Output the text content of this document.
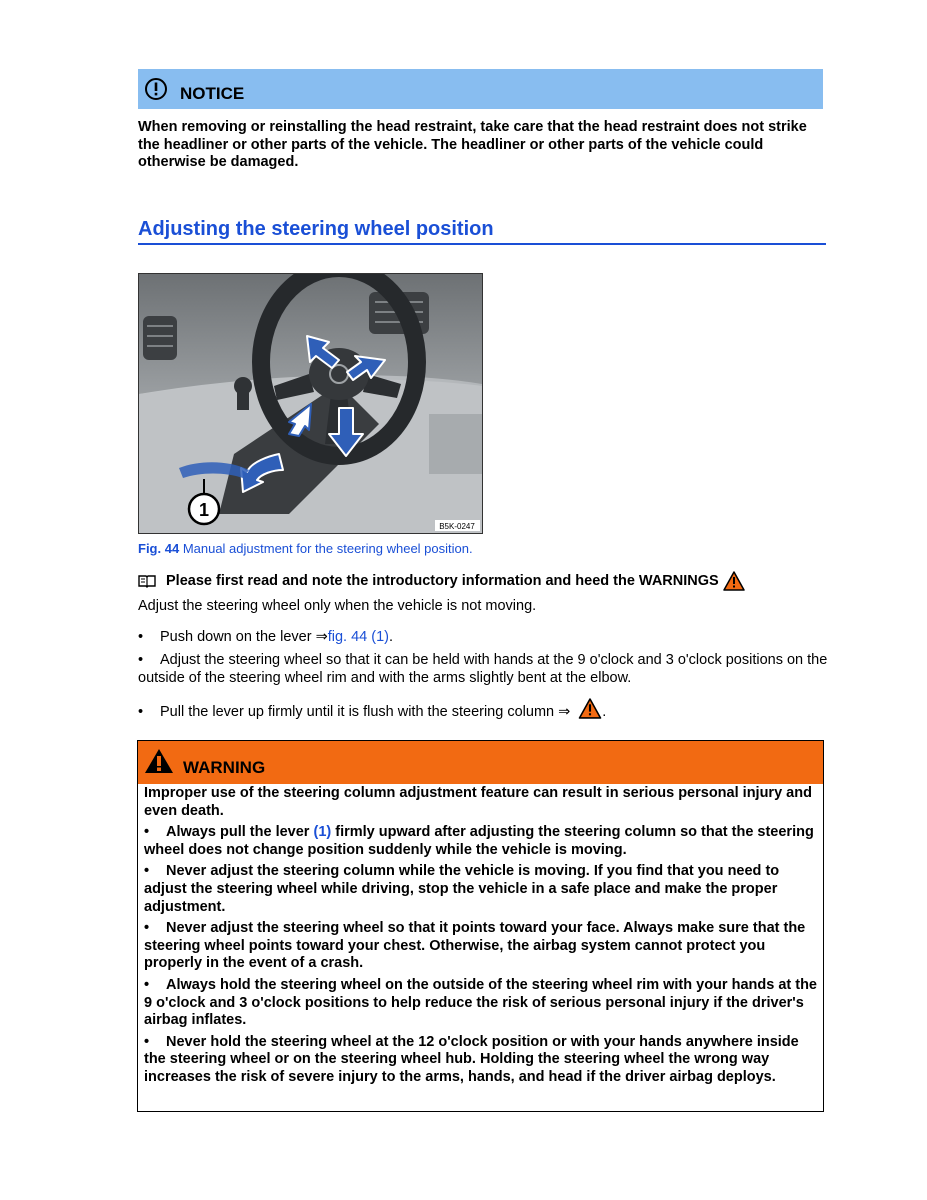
NOTICE
When removing or reinstalling the head restraint, take care that the head restraint does not strike the headliner or other parts of the vehicle. The headliner or other parts of the vehicle could otherwise be damaged.
Adjusting the steering wheel position
1
B5K-0247
Fig. 44 Manual adjustment for the steering wheel position.
Please first read and note the introductory information and heed the WARNINGS
Adjust the steering wheel only when the vehicle is not moving.
• Push down on the lever ⇒fig. 44 (1).
• Adjust the steering wheel so that it can be held with hands at the 9 o'clock and 3 o'clock positions on the outside of the steering wheel rim and with the arms slightly bent at the elbow.
• Pull the lever up firmly until it is flush with the steering column ⇒ .
WARNING

Improper use of the steering column adjustment feature can result in serious personal injury and even death.

• Always pull the lever (1) firmly upward after adjusting the steering column so that the steering wheel does not change position suddenly while the vehicle is moving.

• Never adjust the steering column while the vehicle is moving. If you find that you need to adjust the steering wheel while driving, stop the vehicle in a safe place and make the proper adjustment.

• Never adjust the steering wheel so that it points toward your face. Always make sure that the steering wheel points toward your chest. Otherwise, the airbag system cannot protect you properly in the event of a crash.

• Always hold the steering wheel on the outside of the steering wheel rim with your hands at the 9 o'clock and 3 o'clock positions to help reduce the risk of serious personal injury if the driver's airbag inflates.

• Never hold the steering wheel at the 12 o'clock position or with your hands anywhere inside the steering wheel or on the steering wheel hub. Holding the steering wheel the wrong way increases the risk of severe injury to the arms, hands, and head if the driver airbag deploys.
